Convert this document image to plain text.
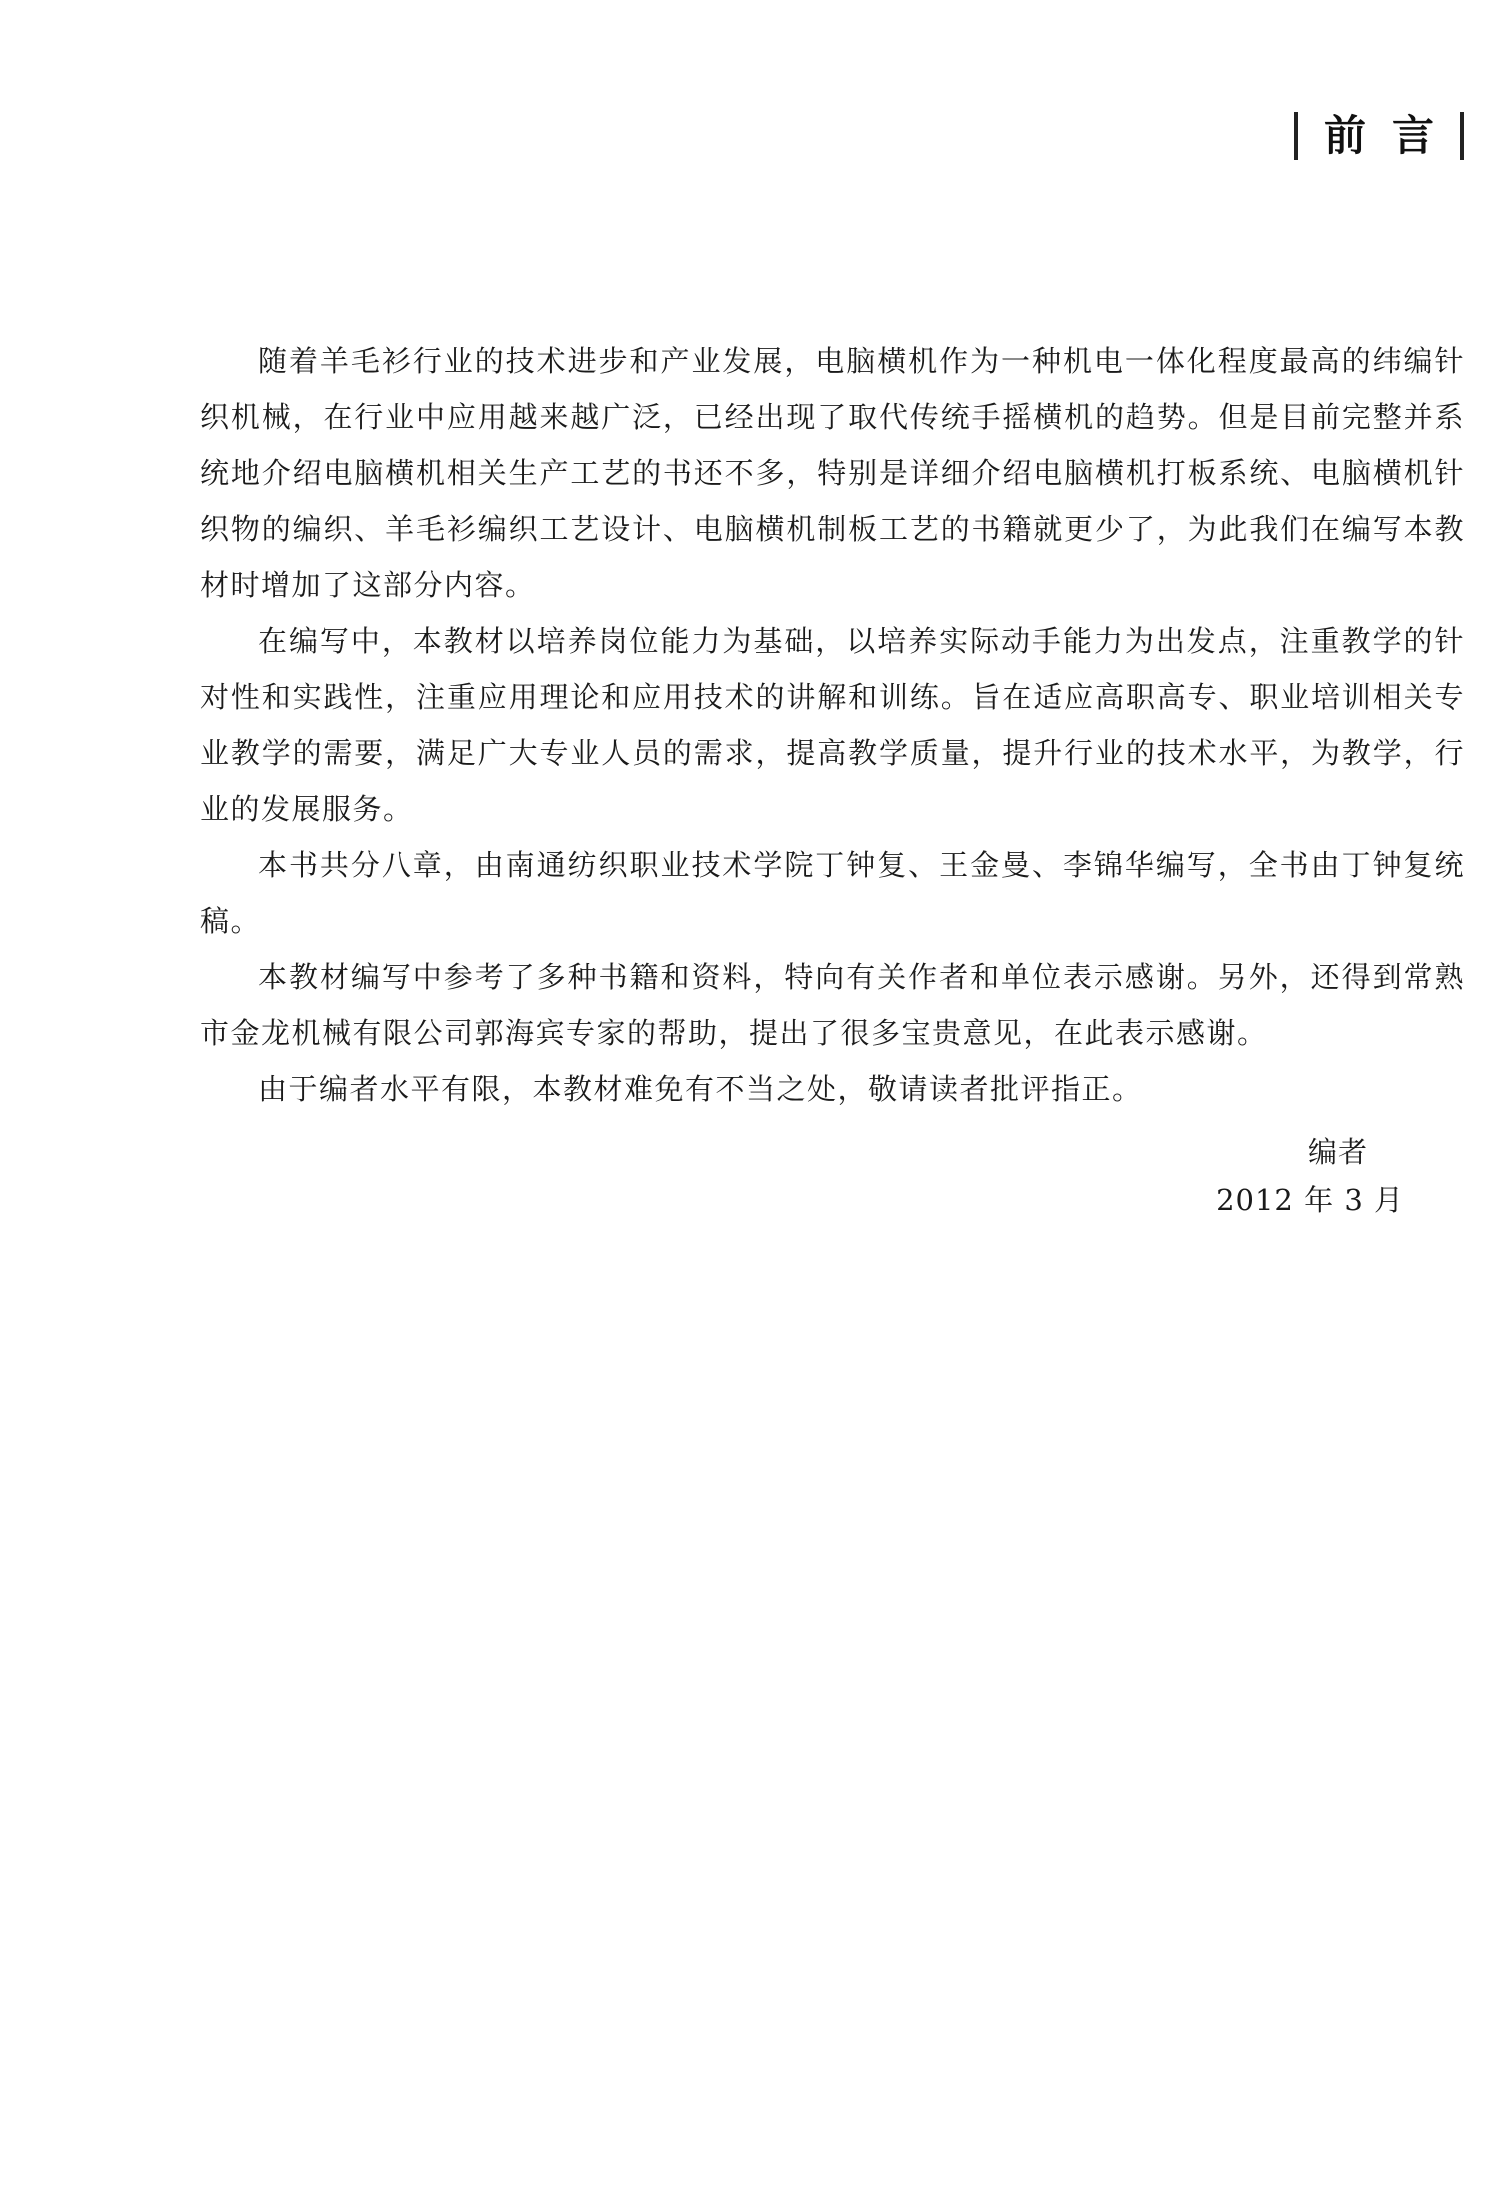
前言

随着羊毛衫行业的技术进步和产业发展，电脑横机作为一种机电一体化程度最高的纬编针织机械，在行业中应用越来越广泛，已经出现了取代传统手摇横机的趋势。但是目前完整并系统地介绍电脑横机相关生产工艺的书还不多，特别是详细介绍电脑横机打板系统、电脑横机针织物的编织、羊毛衫编织工艺设计、电脑横机制板工艺的书籍就更少了，为此我们在编写本教材时增加了这部分内容。

在编写中，本教材以培养岗位能力为基础，以培养实际动手能力为出发点，注重教学的针对性和实践性，注重应用理论和应用技术的讲解和训练。旨在适应高职高专、职业培训相关专业教学的需要，满足广大专业人员的需求，提高教学质量，提升行业的技术水平，为教学，行业的发展服务。

本书共分八章，由南通纺织职业技术学院丁钟复、王金曼、李锦华编写，全书由丁钟复统稿。

本教材编写中参考了多种书籍和资料，特向有关作者和单位表示感谢。另外，还得到常熟市金龙机械有限公司郭海宾专家的帮助，提出了很多宝贵意见，在此表示感谢。

由于编者水平有限，本教材难免有不当之处，敬请读者批评指正。

编者
2012 年 3 月
